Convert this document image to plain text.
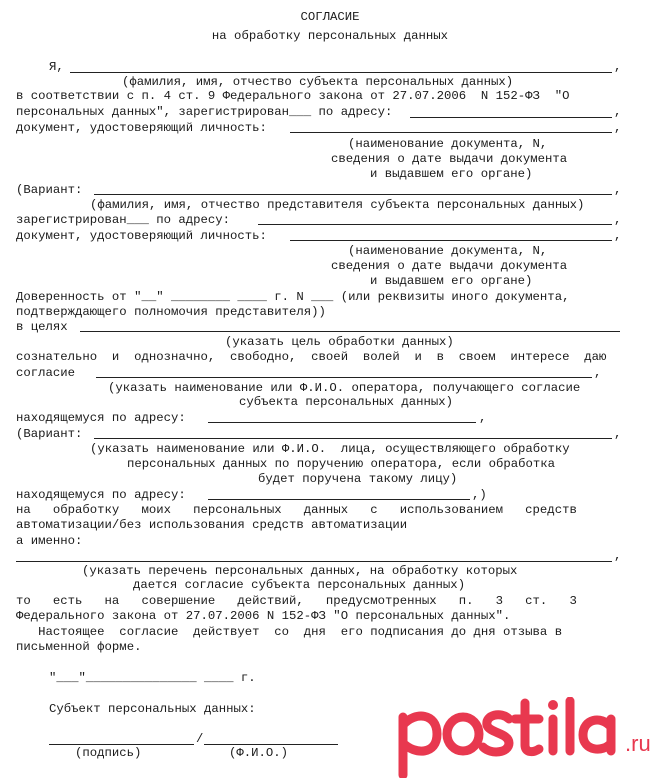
СОГЛАСИЕ
на обработку персональных данных
Я,	,
(фамилия, имя, отчество субъекта персональных данных)
в соответствии с п. 4 ст. 9 Федерального закона от 27.07.2006  N 152-ФЗ  "О
персональных данных", зарегистрирован___ по адресу:	,
документ, удостоверяющий личность:	,
(наименование документа, N,
сведения о дате выдачи документа
и выдавшем его органе)
(Вариант:	,
(фамилия, имя, отчество представителя субъекта персональных данных)
зарегистрирован___ по адресу:	,
документ, удостоверяющий личность:	,
(наименование документа, N,
сведения о дате выдачи документа
и выдавшем его органе)
Доверенность от "__" ________ ____ г. N ___ (или реквизиты иного документа,
подтверждающего полномочия представителя))
в целях
(указать цель обработки данных)
сознательно  и  однозначно,  свободно,  своей  волей  и  в  своем  интересе  даю
согласие	,
(указать наименование или Ф.И.О. оператора, получающего согласие
субъекта персональных данных)
находящемуся по адресу:	,
(Вариант:	,
(указать наименование или Ф.И.О.  лица, осуществляющего обработку
персональных данных по поручению оператора, если обработка
будет поручена такому лицу)
находящемуся по адресу:	,)
на   обработку   моих   персональных   данных   с   использованием   средств
автоматизации/без использования средств автоматизации
а именно:
,
(указать перечень персональных данных, на обработку которых
дается согласие субъекта персональных данных)
то   есть   на   совершение   действий,   предусмотренных   п.   3   ст.   3
Федерального закона от 27.07.2006 N 152-ФЗ "О персональных данных".
Настоящее  согласие  действует  со  дня  его подписания до дня отзыва в
письменной форме.
"___"_______________ ____ г.
Субъект персональных данных:
/
(подпись)	(Ф.И.О.)	.ru
